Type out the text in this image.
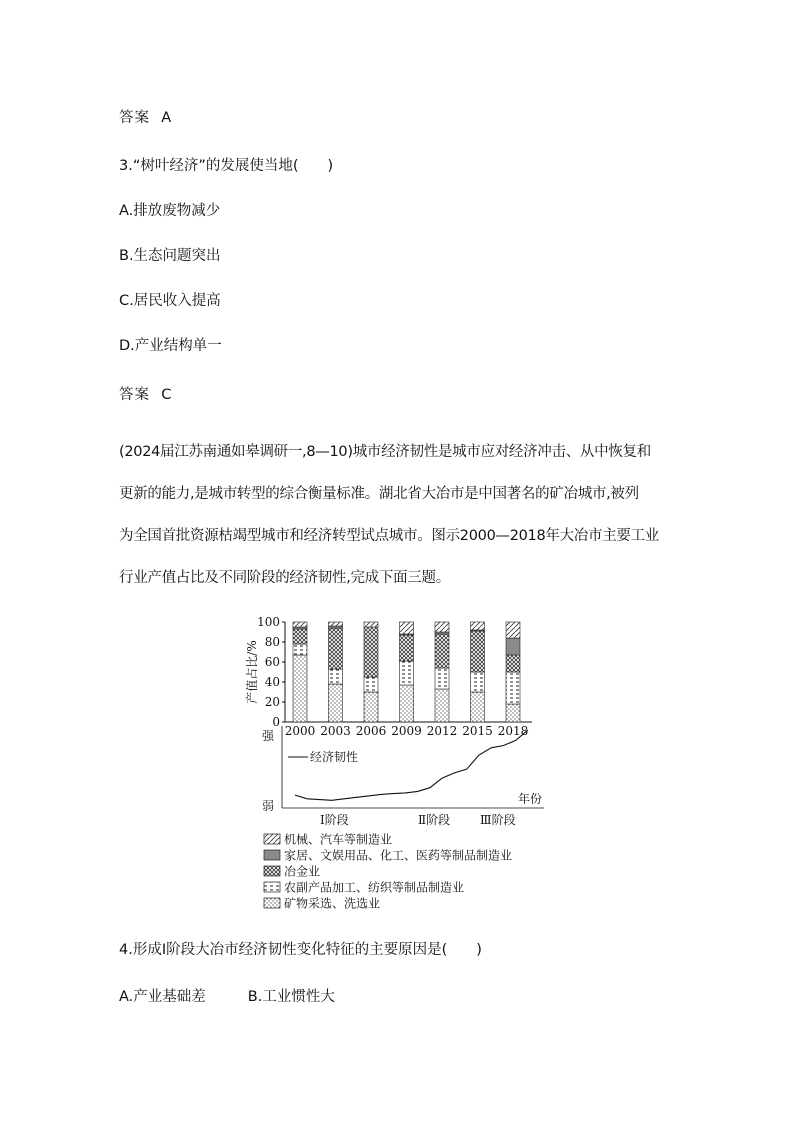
答案 A
3.“树叶经济”的发展使当地(　　)
A.排放废物减少
B.生态问题突出
C.居民收入提高
D.产业结构单一
答案 C
(2024届江苏南通如皋调研一,8—10)城市经济韧性是城市应对经济冲击、从中恢复和
更新的能力,是城市转型的综合衡量标准。湖北省大冶市是中国著名的矿冶城市,被列
为全国首批资源枯竭型城市和经济转型试点城市。图示2000—2018年大冶市主要工业
行业产值占比及不同阶段的经济韧性,完成下面三题。
产值占比/%
100
80
60
40
20
0
2000 2003 2006 2009 2012 2015 2018
强
弱
经济韧性
年份
Ⅰ阶段	Ⅱ阶段 Ⅲ阶段
机械、汽车等制造业
家居、文娱用品、化工、医药等制品制造业
冶金业
农副产品加工、纺织等制品制造业
矿物采选、洗选业
4.形成Ⅰ阶段大冶市经济韧性变化特征的主要原因是(　　)
A.产业基础差	B.工业惯性大
